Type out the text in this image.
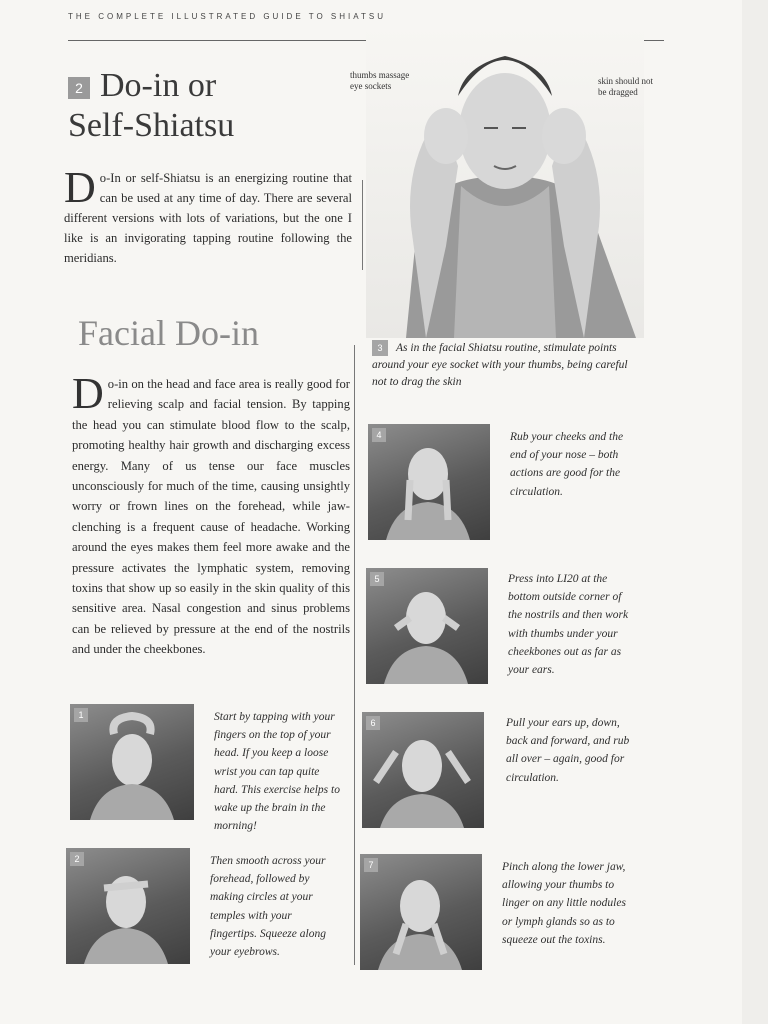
THE COMPLETE ILLUSTRATED GUIDE TO SHIATSU
2 Do-in or
Self-Shiatsu
Do-In or self-Shiatsu is an energizing routine that can be used at any time of day. There are several different versions with lots of variations, but the one I like is an invigorating tapping routine following the meridians.
thumbs massage eye sockets	skin should not be dragged
3 As in the facial Shiatsu routine, stimulate points around your eye socket with your thumbs, being careful not to drag the skin
Facial Do-in
Do-in on the head and face area is really good for relieving scalp and facial tension. By tapping the head you can stimulate blood flow to the scalp, promoting healthy hair growth and discharging excess energy. Many of us tense our face muscles unconsciously for much of the time, causing unsightly worry or frown lines on the forehead, while jaw-clenching is a frequent cause of headache. Working around the eyes makes them feel more awake and the pressure activates the lymphatic system, removing toxins that show up so easily in the skin quality of this sensitive area. Nasal congestion and sinus problems can be relieved by pressure at the end of the nostrils and under the cheekbones.
1	Start by tapping with your fingers on the top of your head. If you keep a loose wrist you can tap quite hard. This exercise helps to wake up the brain in the morning!
2	Then smooth across your forehead, followed by making circles at your temples with your fingertips. Squeeze along your eyebrows.
4	Rub your cheeks and the end of your nose – both actions are good for the circulation.
5	Press into LI20 at the bottom outside corner of the nostrils and then work with thumbs under your cheekbones out as far as your ears.
6	Pull your ears up, down, back and forward, and rub all over – again, good for circulation.
7	Pinch along the lower jaw, allowing your thumbs to linger on any little nodules or lymph glands so as to squeeze out the toxins.
